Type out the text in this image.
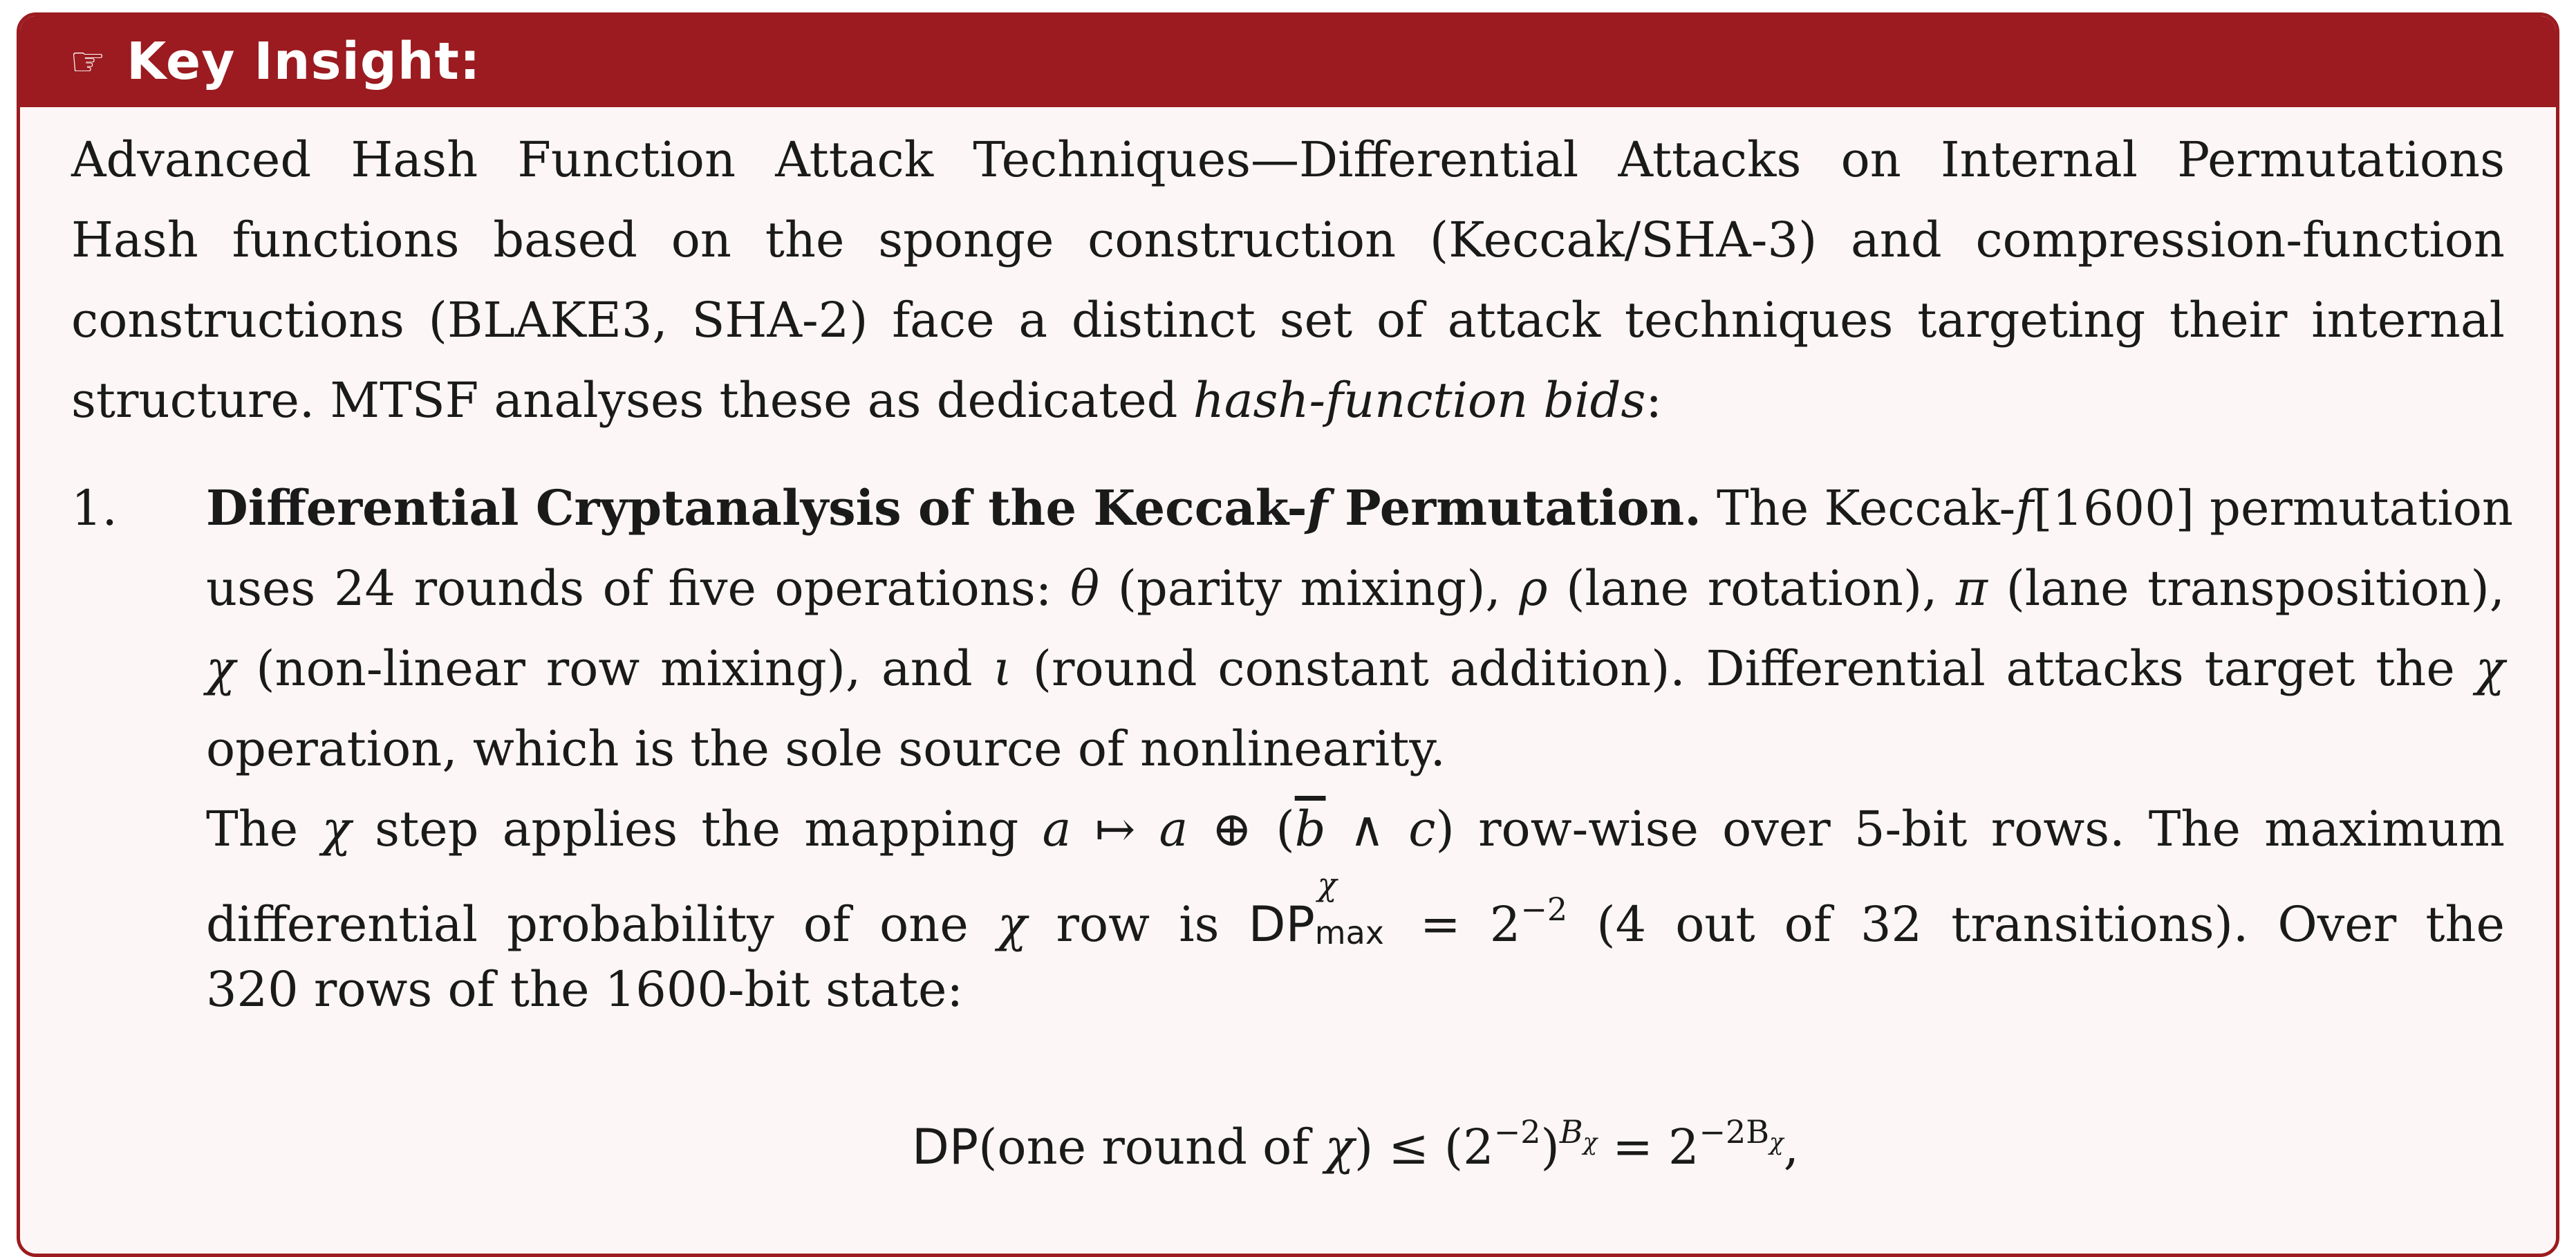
☞ Key Insight:
Advanced Hash Function Attack Techniques—Differential Attacks on Internal Permutations
Hash functions based on the sponge construction (Keccak/SHA-3) and compression-function
constructions (BLAKE3, SHA-2) face a distinct set of attack techniques targeting their internal
structure. MTSF analyses these as dedicated hash-function bids:
1. Differential Cryptanalysis of the Keccak-f Permutation. The Keccak-f[1600] permutation
uses 24 rounds of five operations: θ (parity mixing), ρ (lane rotation), π (lane transposition),
χ (non-linear row mixing), and ι (round constant addition). Differential attacks target the χ
operation, which is the sole source of nonlinearity.
The χ step applies the mapping a ↦ a ⊕ ($\overline{b}$ ∧ c) row-wise over 5-bit rows. The maximum
differential probability of one χ row is DP
χ
$\max = 2^{-2}$ (4 out of 32 transitions). Over the
320 rows of the 1600-bit state:
DP(one round of $\chi) \le (2^{-2})^{B\chi} = 2^{-2B\chi}$,
